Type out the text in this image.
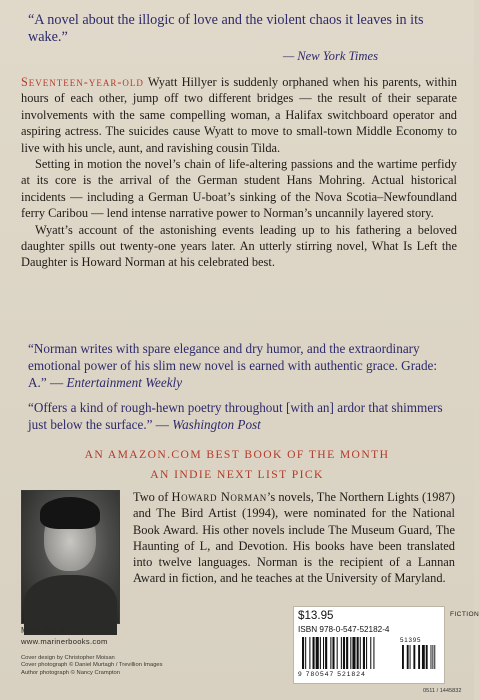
“A novel about the illogic of love and the violent chaos it leaves in its wake.”
— New York Times

Seventeen-year-old Wyatt Hillyer is suddenly orphaned when his parents, within hours of each other, jump off two different bridges — the result of their separate involvements with the same compelling woman, a Halifax switchboard operator and aspiring actress. The suicides cause Wyatt to move to small-town Middle Economy to live with his uncle, aunt, and ravishing cousin Tilda.

Setting in motion the novel’s chain of life-altering passions and the wartime perfidy at its core is the arrival of the German student Hans Mohring. Actual historical incidents — including a German U-boat’s sinking of the Nova Scotia–Newfoundland ferry Caribou — lend intense narrative power to Norman’s uncannily layered story.

Wyatt’s account of the astonishing events leading up to his fathering a beloved daughter spills out twenty-one years later. An utterly stirring novel, What Is Left the Daughter is Howard Norman at his celebrated best.

“Norman writes with spare elegance and dry humor, and the extraordinary emotional power of his slim new novel is earned with authentic grace. Grade: A.” — Entertainment Weekly

“Offers a kind of rough-hewn poetry throughout [with an] ardor that shimmers just below the surface.” — Washington Post

AN AMAZON.COM BEST BOOK OF THE MONTH
AN INDIE NEXT LIST PICK
Two of Howard Norman’s novels, The Northern Lights (1987) and The Bird Artist (1994), were nominated for the National Book Award. His other novels include The Museum Guard, The Haunting of L, and Devotion. His books have been translated into twelve languages. Norman is the recipient of a Lannan Award in fiction, and he teaches at the University of Maryland.
MARINER
www.marinerbooks.com
Cover design by Christopher Moisan
Cover photograph © Daniel Murtagh / Trevillion Images
Author photograph © Nancy Crampton
$13.95
ISBN 978-0-547-52182-4
51395
9 780547 521824
FICTION
0511 / 1445832
